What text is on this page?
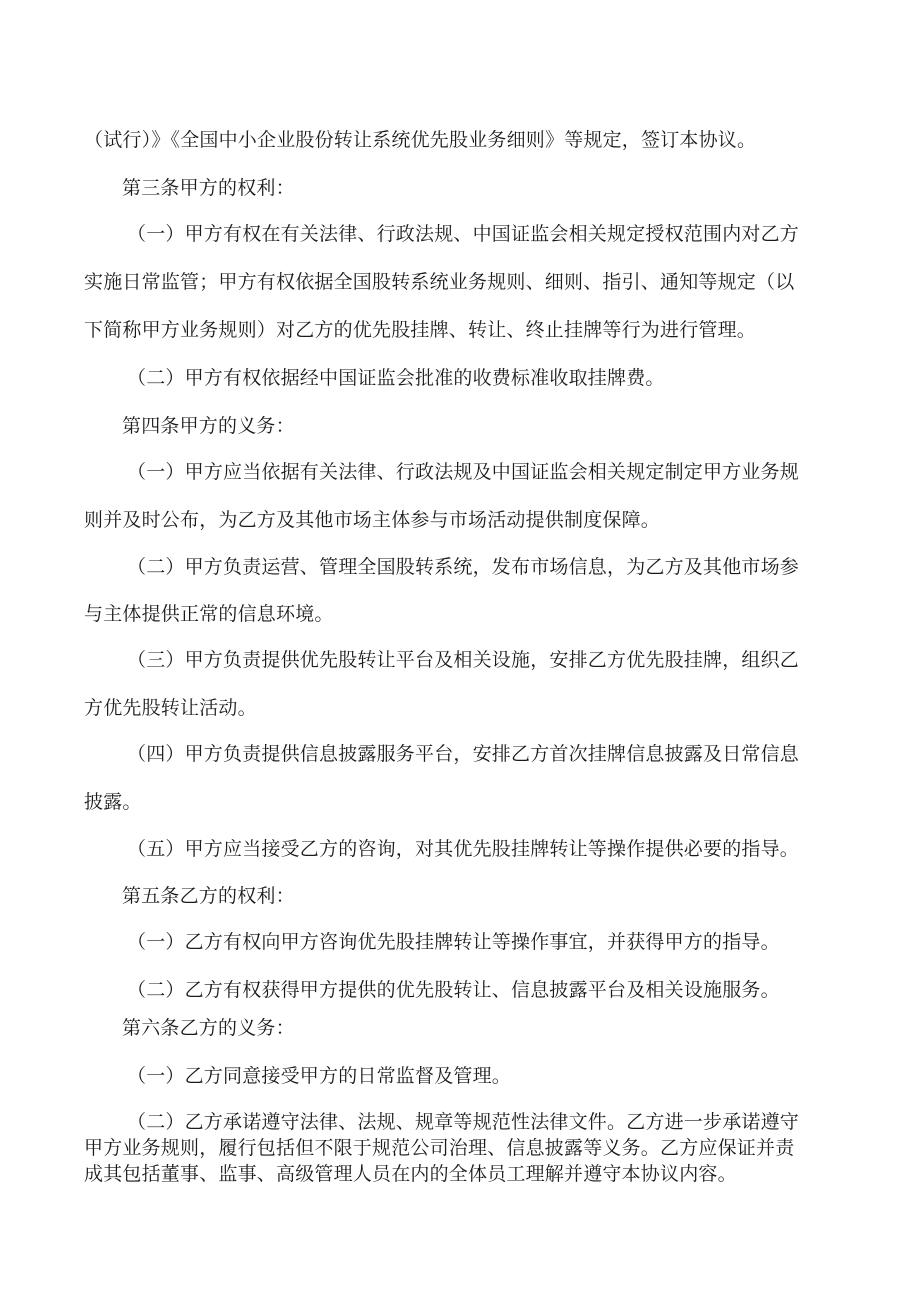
（试行）》《全国中小企业股份转让系统优先股业务细则》等规定，签订本协议。

第三条甲方的权利：

（一）甲方有权在有关法律、行政法规、中国证监会相关规定授权范围内对乙方

实施日常监管；甲方有权依据全国股转系统业务规则、细则、指引、通知等规定（以

下简称甲方业务规则）对乙方的优先股挂牌、转让、终止挂牌等行为进行管理。

（二）甲方有权依据经中国证监会批准的收费标准收取挂牌费。

第四条甲方的义务：

（一）甲方应当依据有关法律、行政法规及中国证监会相关规定制定甲方业务规

则并及时公布，为乙方及其他市场主体参与市场活动提供制度保障。

（二）甲方负责运营、管理全国股转系统，发布市场信息，为乙方及其他市场参

与主体提供正常的信息环境。

（三）甲方负责提供优先股转让平台及相关设施，安排乙方优先股挂牌，组织乙

方优先股转让活动。

（四）甲方负责提供信息披露服务平台，安排乙方首次挂牌信息披露及日常信息

披露。

（五）甲方应当接受乙方的咨询，对其优先股挂牌转让等操作提供必要的指导。

第五条乙方的权利：

（一）乙方有权向甲方咨询优先股挂牌转让等操作事宜，并获得甲方的指导。

（二）乙方有权获得甲方提供的优先股转让、信息披露平台及相关设施服务。

第六条乙方的义务：

（一）乙方同意接受甲方的日常监督及管理。

（二）乙方承诺遵守法律、法规、规章等规范性法律文件。乙方进一步承诺遵守

甲方业务规则，履行包括但不限于规范公司治理、信息披露等义务。乙方应保证并责

成其包括董事、监事、高级管理人员在内的全体员工理解并遵守本协议内容。
